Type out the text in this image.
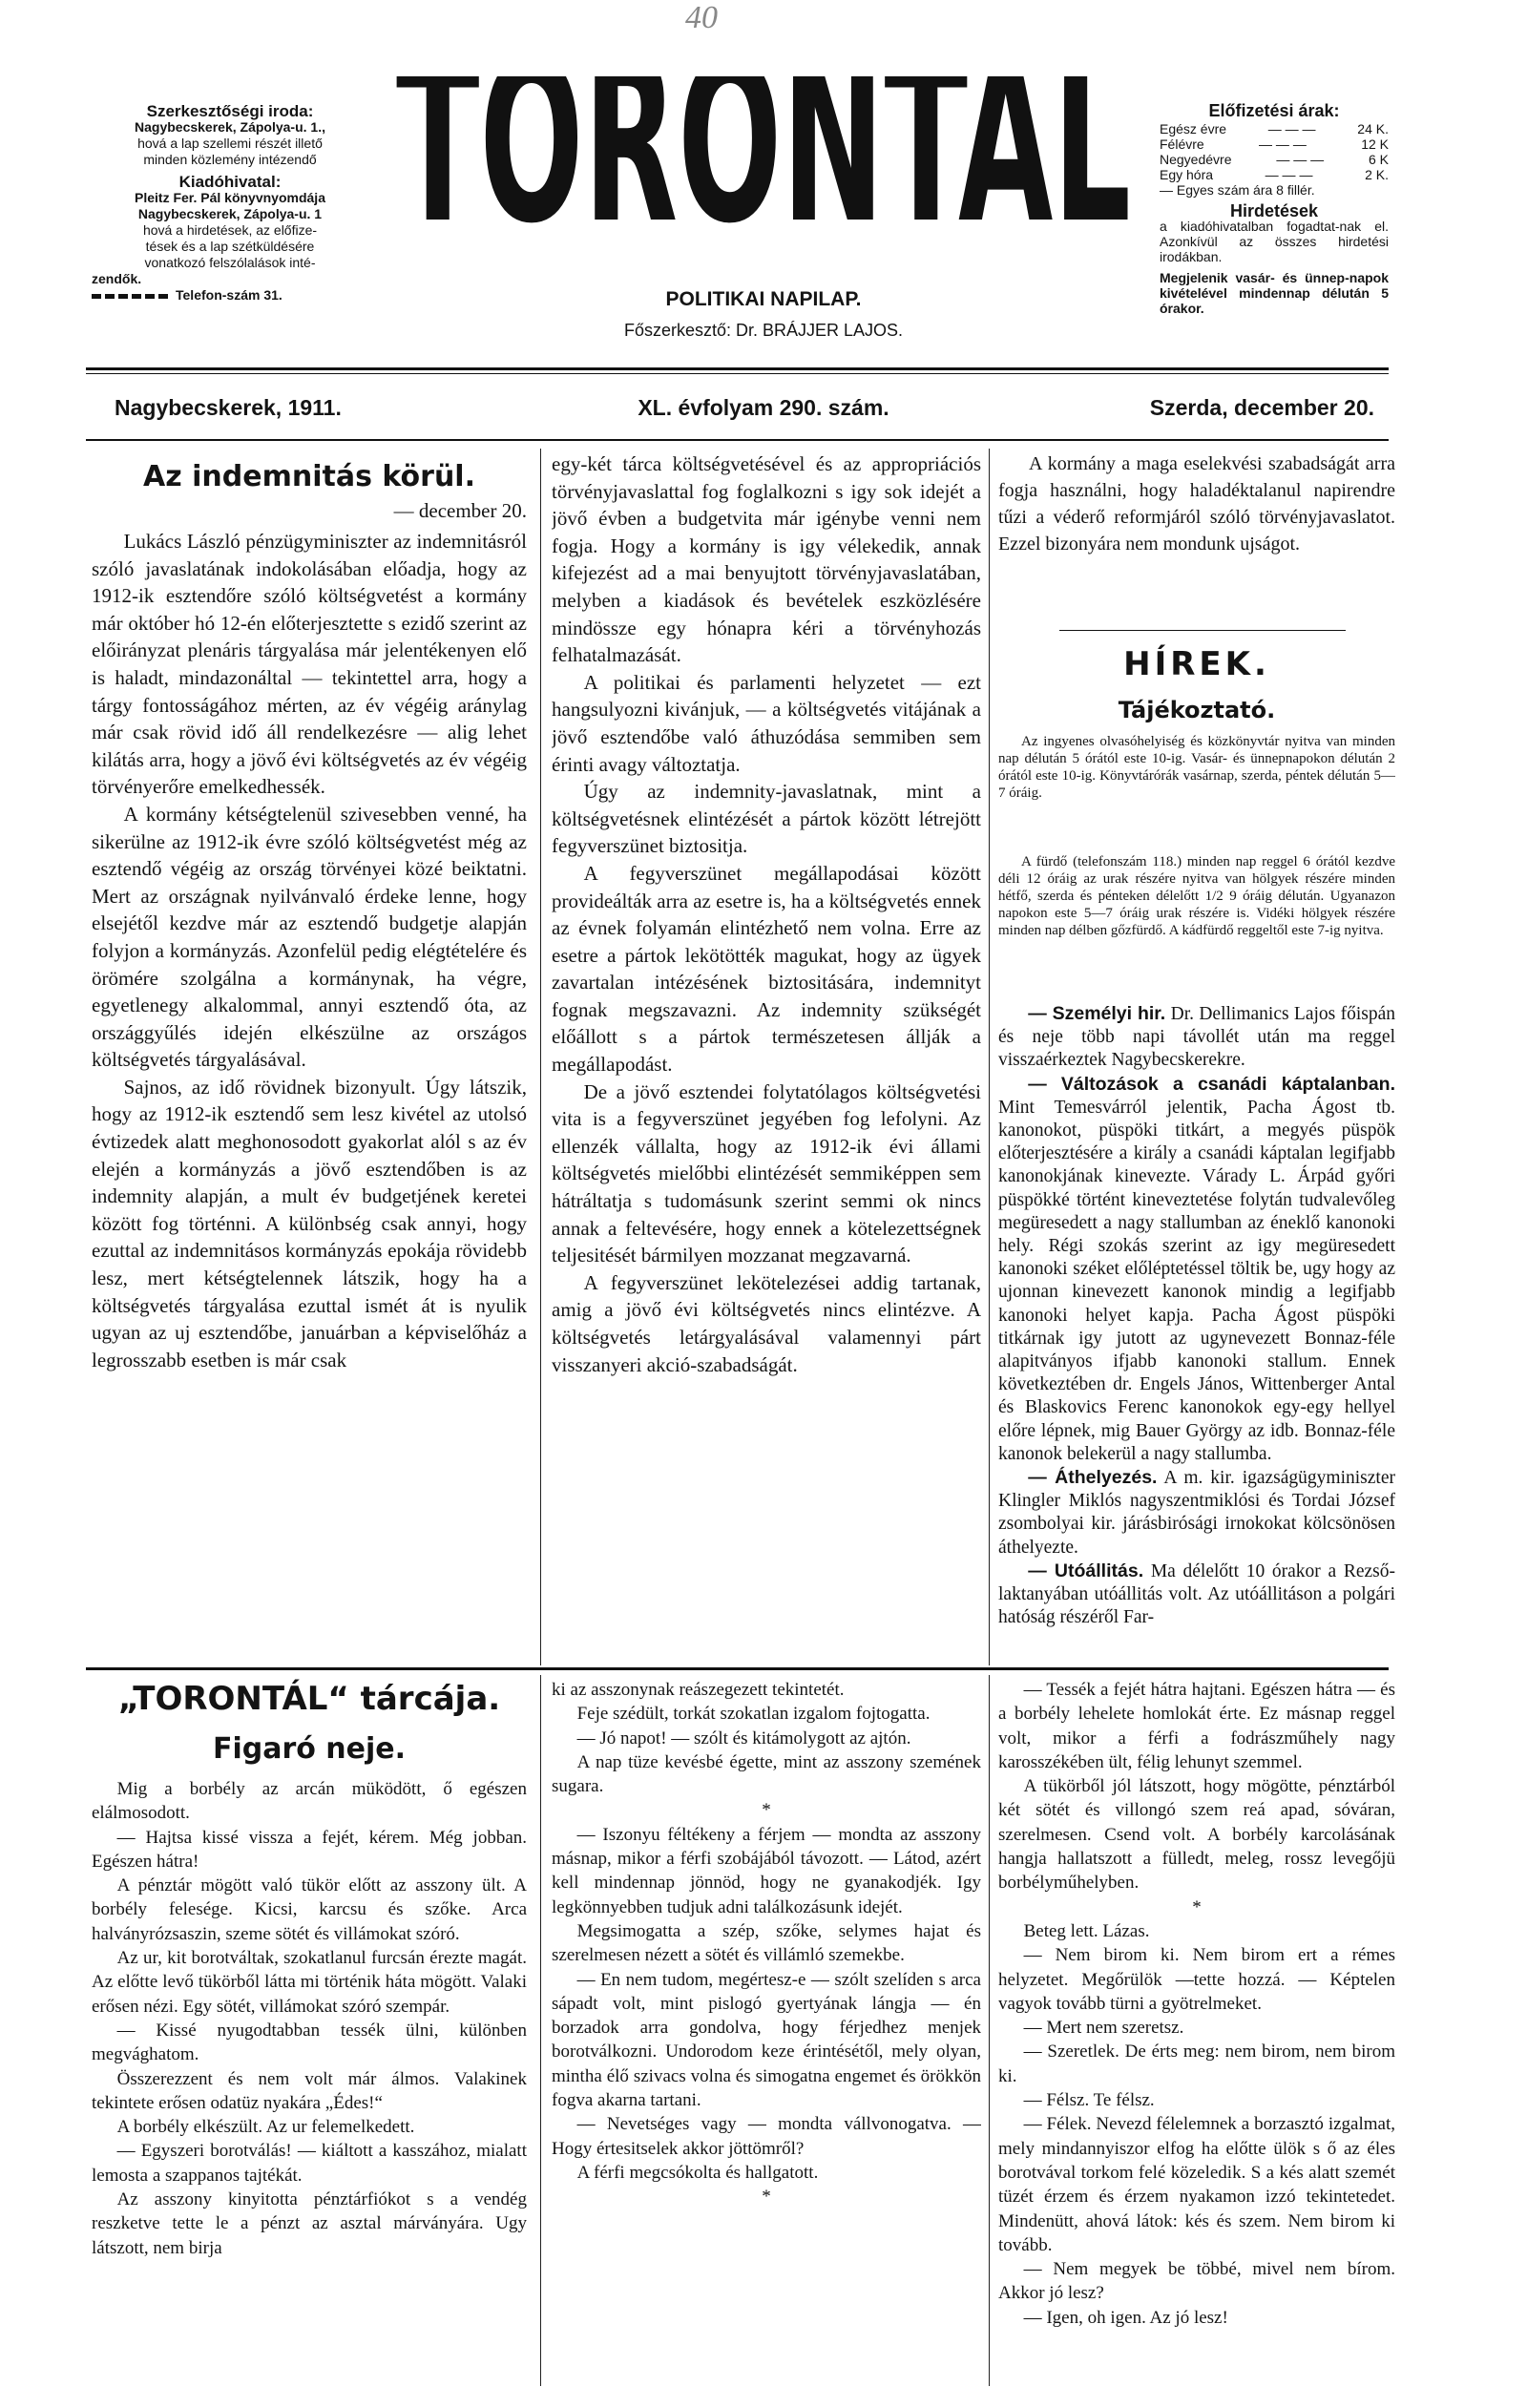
40
Szerkesztőségi iroda:
Nagybecskerek, Zápolya-u. 1.,
hová a lap szellemi részét illető
minden közlemény intézendő
Kiadóhivatal:
Pleitz Fer. Pál könyvnyomdája
Nagybecskerek, Zápolya-u. 1
hová a hirdetések, az előfize-
tések és a lap szétküldésére
vonatkozó felszólalások inté-
zendők.
Telefon-szám 31.
TORONTÁL
POLITIKAI NAPILAP.
Főszerkesztő: Dr. BRÁJJER LAJOS.
Előfizetési árak:
Egész évre	— — —	24 K.
Félévre	— — —	12 K
Negyedévre	— — —	6 K
Egy hóra	— — —	2 K.
— Egyes szám ára 8 fillér.
Hirdetések
a kiadóhivatalban fogadtat-nak el. Azonkívül az összes hirdetési irodákban.
Megjelenik vasár- és ünnep-napok kivételével mindennap délután 5 órakor.
Nagybecskerek, 1911.	XL. évfolyam 290. szám.	Szerda, december 20.
Az indemnitás körül.
— december 20.

Lukács László pénzügyminiszter az indemnitásról szóló javaslatának indokolásában előadja, hogy az 1912-ik esztendőre szóló költségvetést a kormány már október hó 12-én előterjesztette s ezidő szerint az előirányzat plenáris tárgyalása már jelentékenyen elő is haladt, mindazonáltal — tekintettel arra, hogy a tárgy fontosságához mérten, az év végéig aránylag már csak rövid idő áll rendelkezésre — alig lehet kilátás arra, hogy a jövő évi költségvetés az év végéig törvényerőre emelkedhessék.

A kormány kétségtelenül szivesebben venné, ha sikerülne az 1912-ik évre szóló költségvetést még az esztendő végéig az ország törvényei közé beiktatni. Mert az országnak nyilvánvaló érdeke lenne, hogy elsejétől kezdve már az esztendő budgetje alapján folyjon a kormányzás. Azonfelül pedig elégtételére és örömére szolgálna a kormánynak, ha végre, egyetlenegy alkalommal, annyi esztendő óta, az országgyűlés idején elkészülne az országos költségvetés tárgyalásával.

Sajnos, az idő rövidnek bizonyult. Úgy látszik, hogy az 1912-ik esztendő sem lesz kivétel az utolsó évtizedek alatt meghonosodott gyakorlat alól s az év elején a kormányzás a jövő esztendőben is az indemnity alapján, a mult év budgetjének keretei között fog történni. A különbség csak annyi, hogy ezuttal az indemnitásos kormányzás epokája rövidebb lesz, mert kétségtelennek látszik, hogy ha a költségvetés tárgyalása ezuttal ismét át is nyulik ugyan az uj esztendőbe, januárban a képviselőház a legrosszabb esetben is már csak

egy-két tárca költségvetésével és az appropriációs törvényjavaslattal fog foglalkozni s igy sok idejét a jövő évben a budgetvita már igénybe venni nem fogja. Hogy a kormány is igy vélekedik, annak kifejezést ad a mai benyujtott törvényjavaslatában, melyben a kiadások és bevételek eszközlésére mindössze egy hónapra kéri a törvényhozás felhatalmazását.

A politikai és parlamenti helyzetet — ezt hangsulyozni kivánjuk, — a költségvetés vitájának a jövő esztendőbe való áthuzódása semmiben sem érinti avagy változtatja.

Úgy az indemnity-javaslatnak, mint a költségvetésnek elintézését a pártok között létrejött fegyverszünet biztositja.

A fegyverszünet megállapodásai között provideálták arra az esetre is, ha a költségvetés ennek az évnek folyamán elintézhető nem volna. Erre az esetre a pártok lekötötték magukat, hogy az ügyek zavartalan intézésének biztositására, indemnityt fognak megszavazni. Az indemnity szükségét előállott s a pártok természetesen állják a megállapodást.

De a jövő esztendei folytatólagos költségvetési vita is a fegyverszünet jegyében fog lefolyni. Az ellenzék vállalta, hogy az 1912-ik évi állami költségvetés mielőbbi elintézését semmiképpen sem hátráltatja s tudomásunk szerint semmi ok nincs annak a feltevésére, hogy ennek a kötelezettségnek teljesitését bármilyen mozzanat megzavarná.

A fegyverszünet lekötelezései addig tartanak, amig a jövő évi költségvetés nincs elintézve. A költségvetés letárgyalásával valamennyi párt visszanyeri akció-szabadságát.

A kormány a maga eselekvési szabadságát arra fogja használni, hogy haladéktalanul napirendre tűzi a véderő reformjáról szóló törvényjavaslatot. Ezzel bizonyára nem mondunk ujságot.

HÍREK.
Tájékoztató.

Az ingyenes olvasóhelyiség és közkönyvtár nyitva van minden nap délután 5 órától este 10-ig. Vasár- és ünnepnapokon délután 2 órától este 10-ig. Könyvtárórák vasárnap, szerda, péntek délután 5—7 óráig.

A fürdő (telefonszám 118.) minden nap reggel 6 órától kezdve déli 12 óráig az urak részére nyitva van hölgyek részére minden hétfő, szerda és pénteken délelőtt 1/2 9 óráig délután. Ugyanazon napokon este 5—7 óráig urak részére is. Vidéki hölgyek részére minden nap délben gőzfürdő. A kádfürdő reggeltől este 7-ig nyitva.

— Személyi hir. Dr. Dellimanics Lajos főispán és neje több napi távollét után ma reggel visszaérkeztek Nagybecskerekre.

— Változások a csanádi káptalanban. Mint Temesvárról jelentik, Pacha Ágost tb. kanonokot, püspöki titkárt, a megyés püspök előterjesztésére a király a csanádi káptalan legifjabb kanonokjának kinevezte. Várady L. Árpád győri püspökké történt kineveztetése folytán tudvalevőleg megüresedett a nagy stallumban az éneklő kanonoki hely. Régi szokás szerint az igy megüresedett kanonoki széket előléptetéssel töltik be, ugy hogy az ujonnan kinevezett kanonok mindig a legifjabb kanonoki helyet kapja. Pacha Ágost püspöki titkárnak igy jutott az ugynevezett Bonnaz-féle alapitványos ifjabb kanonoki stallum. Ennek következtében dr. Engels János, Wittenberger Antal és Blaskovics Ferenc kanonokok egy-egy hellyel előre lépnek, mig Bauer György az idb. Bonnaz-féle kanonok belekerül a nagy stallumba.

— Áthelyezés. A m. kir. igazságügyminiszter Klingler Miklós nagyszentmiklósi és Tordai József zsombolyai kir. járásbirósági irnokokat kölcsönösen áthelyezte.

— Utóállitás. Ma délelőtt 10 órakor a Rezső-laktanyában utóállitás volt. Az utóállitáson a polgári hatóság részéről Far-

„TORONTÁL“ tárcája.
Figaró neje.

Mig a borbély az arcán müködött, ő egészen elálmosodott.

— Hajtsa kissé vissza a fejét, kérem. Még jobban. Egészen hátra!

A pénztár mögött való tükör előtt az asszony ült. A borbély felesége. Kicsi, karcsu és szőke. Arca halványrózsaszin, szeme sötét és villámokat szóró.

Az ur, kit borotváltak, szokatlanul furcsán érezte magát. Az előtte levő tükörből látta mi történik háta mögött. Valaki erősen nézi. Egy sötét, villámokat szóró szempár.

— Kissé nyugodtabban tessék ülni, különben megvághatom.

Összerezzent és nem volt már álmos. Valakinek tekintete erősen odatüz nyakára „Édes!“

A borbély elkészült. Az ur felemelkedett.

— Egyszeri borotválás! — kiáltott a kasszához, mialatt lemosta a szappanos tajtékát.

Az asszony kinyitotta pénztárfiókot s a vendég reszketve tette le a pénzt az asztal márványára. Ugy látszott, nem birja

ki az asszonynak reászegezett tekintetét.

Feje szédült, torkát szokatlan izgalom fojtogatta.

— Jó napot! — szólt és kitámolygott az ajtón.

A nap tüze kevésbé égette, mint az asszony szemének sugara.

*

— Iszonyu féltékeny a férjem — mondta az asszony másnap, mikor a férfi szobájából távozott. — Látod, azért kell mindennap jönnöd, hogy ne gyanakodjék. Igy legkönnyebben tudjuk adni találkozásunk idejét.

Megsimogatta a szép, szőke, selymes hajat és szerelmesen nézett a sötét és villámló szemekbe.

— En nem tudom, megértesz-e — szólt szelíden s arca sápadt volt, mint pislogó gyertyának lángja — én borzadok arra gondolva, hogy férjedhez menjek borotválkozni. Undorodom keze érintésétől, mely olyan, mintha élő szivacs volna és simogatna engemet és örökkön fogva akarna tartani.

— Nevetséges vagy — mondta vállvonogatva. — Hogy értesitselek akkor jöttömről?

A férfi megcsókolta és hallgatott.

*

— Tessék a fejét hátra hajtani. Egészen hátra — és a borbély lehelete homlokát érte. Ez másnap reggel volt, mikor a férfi a fodrászműhely nagy karosszékében ült, félig lehunyt szemmel.

A tükörből jól látszott, hogy mögötte, pénztárból két sötét és villongó szem reá apad, sóváran, szerelmesen. Csend volt. A borbély karcolásának hangja hallatszott a fülledt, meleg, rossz levegőjü borbélyműhelyben.

*

Beteg lett. Lázas.

— Nem birom ki. Nem birom ert a rémes helyzetet. Megőrülök —tette hozzá. — Képtelen vagyok tovább türni a gyötrelmeket.

— Mert nem szeretsz.

— Szeretlek. De érts meg: nem birom, nem birom ki.

— Félsz. Te félsz.

— Félek. Nevezd félelemnek a borzasztó izgalmat, mely mindannyiszor elfog ha előtte ülök s ő az éles borotvával torkom felé közeledik. S a kés alatt szemét tüzét érzem és érzem nyakamon izzó tekintetedet. Mindenütt, ahová látok: kés és szem. Nem birom ki tovább.

— Nem megyek be többé, mivel nem bírom. Akkor jó lesz?

— Igen, oh igen. Az jó lesz!
